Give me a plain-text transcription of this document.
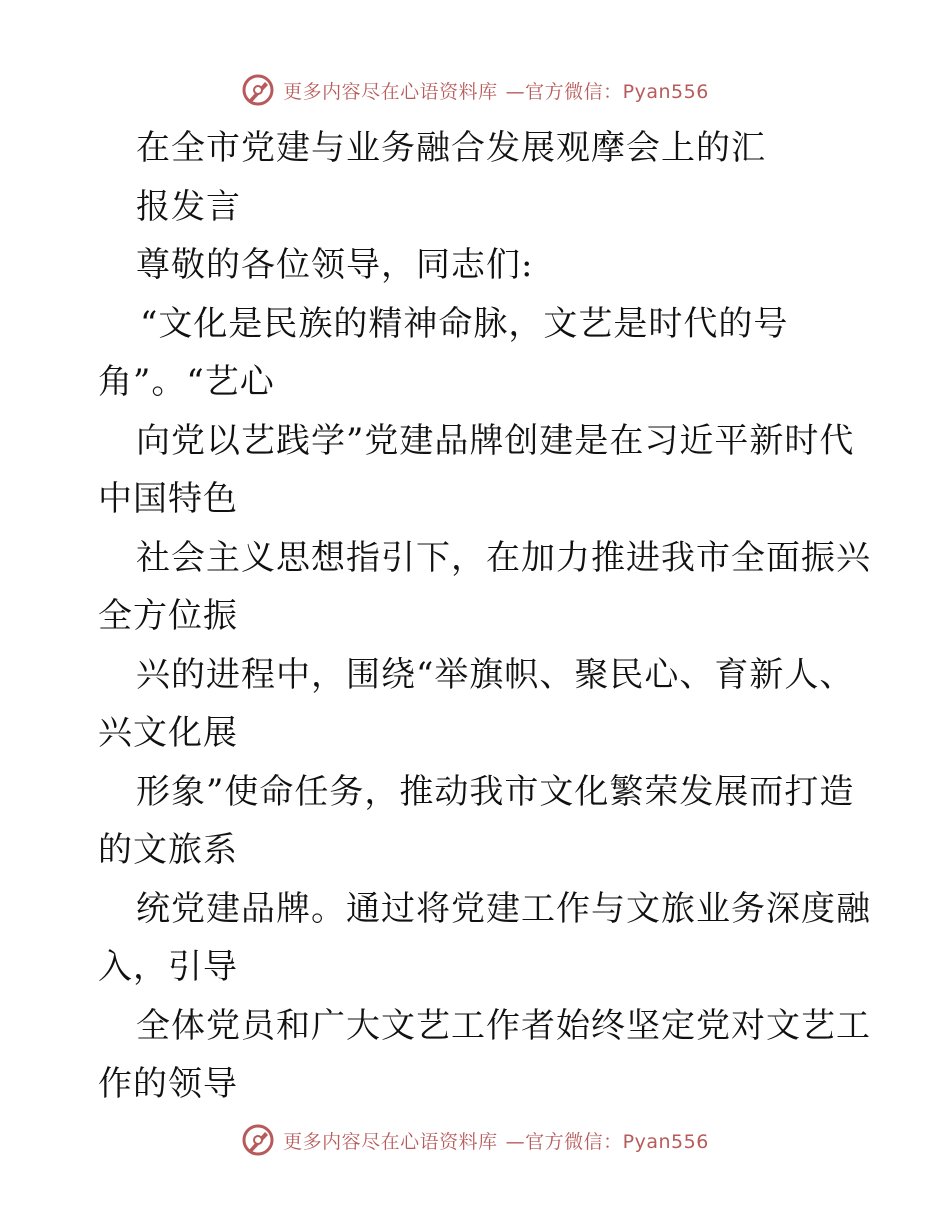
更多内容尽在心语资料库 —官方微信：Pyan556

在全市党建与业务融合发展观摩会上的汇

报发言

尊敬的各位领导，同志们:

“文化是民族的精神命脉，文艺是时代的号

角”。“艺心

向党以艺践学”党建品牌创建是在习近平新时代

中国特色

社会主义思想指引下，在加力推进我市全面振兴

全方位振

兴的进程中，围绕“举旗帜、聚民心、育新人、

兴文化展

形象”使命任务，推动我市文化繁荣发展而打造

的文旅系

统党建品牌。通过将党建工作与文旅业务深度融

入，引导

全体党员和广大文艺工作者始终坚定党对文艺工

作的领导

更多内容尽在心语资料库 —官方微信：Pyan556
